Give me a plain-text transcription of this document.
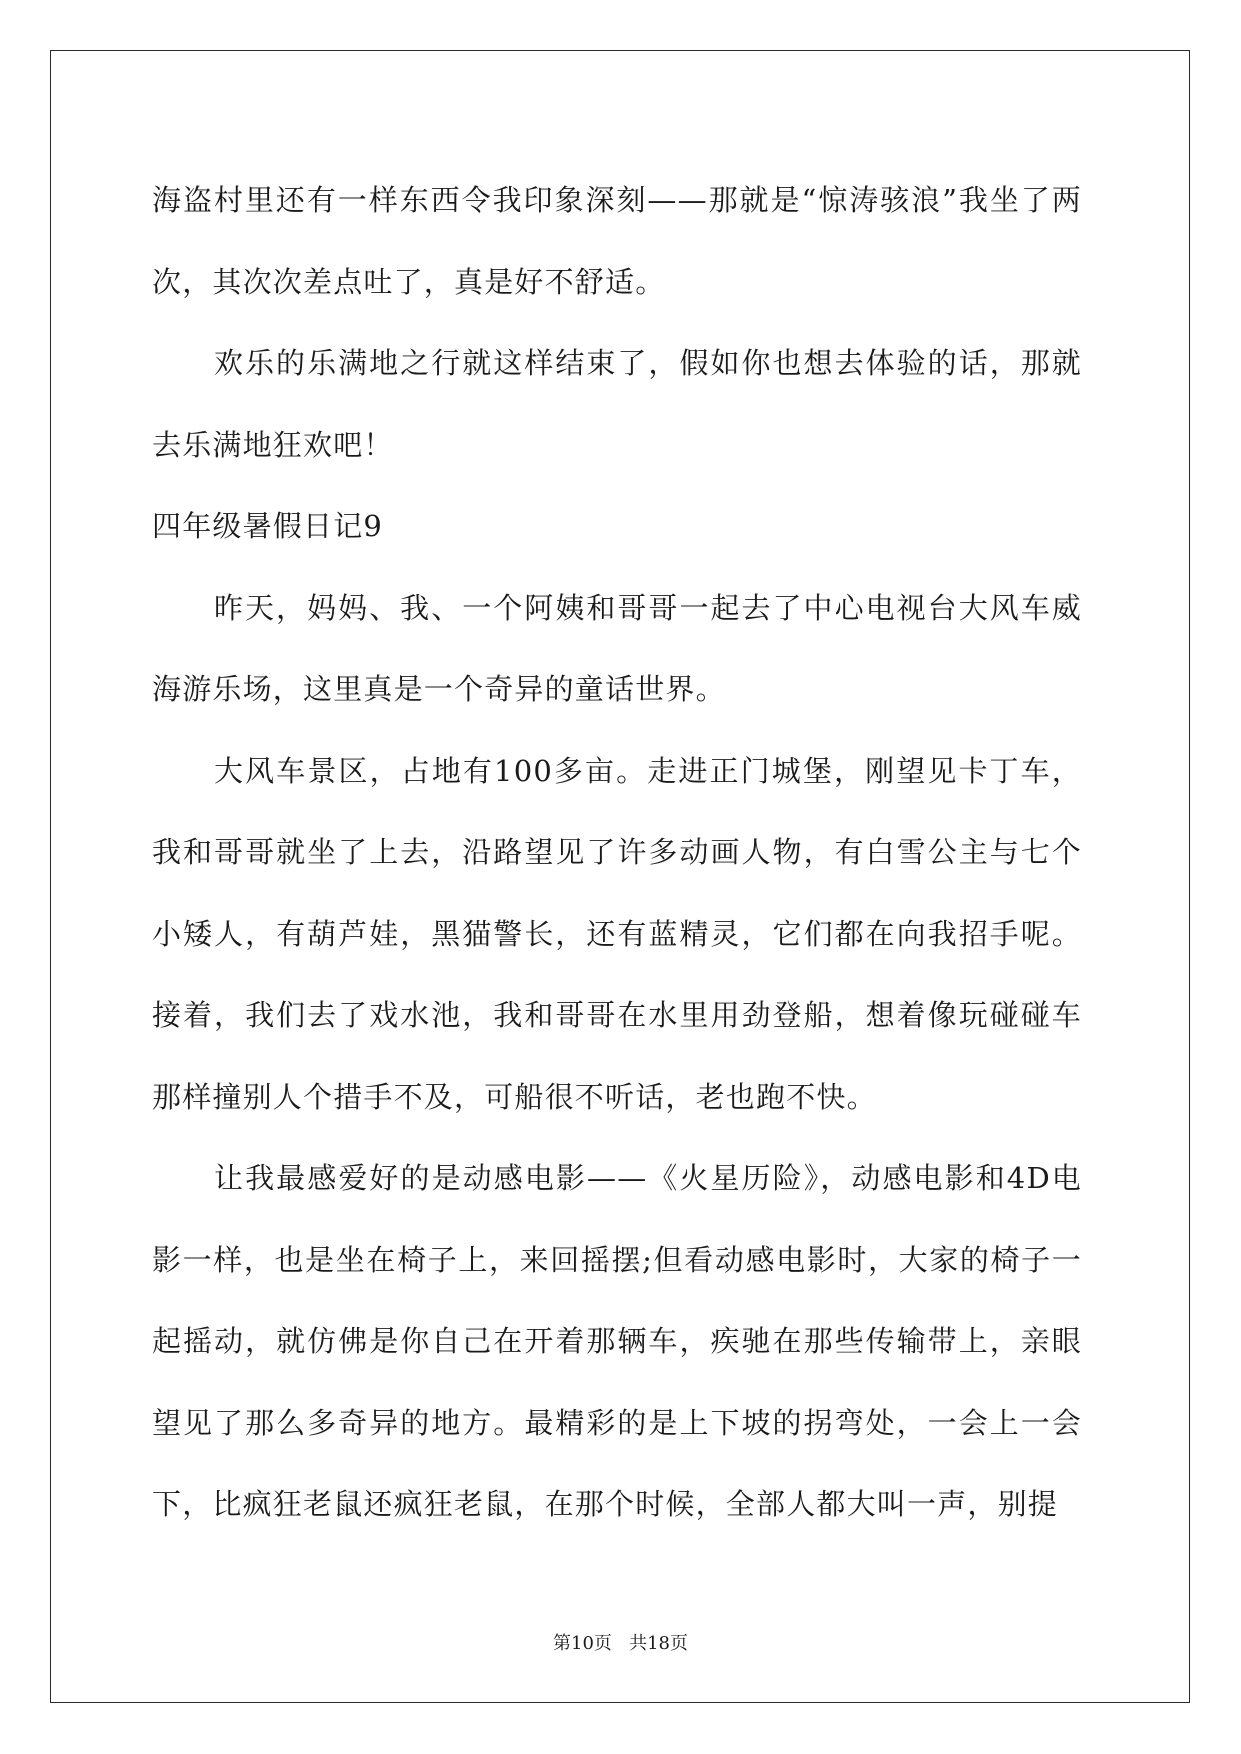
海盗村里还有一样东西令我印象深刻——那就是“惊涛骇浪”我坐了两次，其次次差点吐了，真是好不舒适。

欢乐的乐满地之行就这样结束了，假如你也想去体验的话，那就去乐满地狂欢吧！

四年级暑假日记9

昨天，妈妈、我、一个阿姨和哥哥一起去了中心电视台大风车威海游乐场，这里真是一个奇异的童话世界。

大风车景区，占地有100多亩。走进正门城堡，刚望见卡丁车，我和哥哥就坐了上去，沿路望见了许多动画人物，有白雪公主与七个小矮人，有葫芦娃，黑猫警长，还有蓝精灵，它们都在向我招手呢。接着，我们去了戏水池，我和哥哥在水里用劲登船，想着像玩碰碰车那样撞别人个措手不及，可船很不听话，老也跑不快。

让我最感爱好的是动感电影——《火星历险》，动感电影和4D电影一样，也是坐在椅子上，来回摇摆;但看动感电影时，大家的椅子一起摇动，就仿佛是你自己在开着那辆车，疾驰在那些传输带上，亲眼望见了那么多奇异的地方。最精彩的是上下坡的拐弯处，一会上一会下，比疯狂老鼠还疯狂老鼠，在那个时候，全部人都大叫一声，别提

第10页 共18页
